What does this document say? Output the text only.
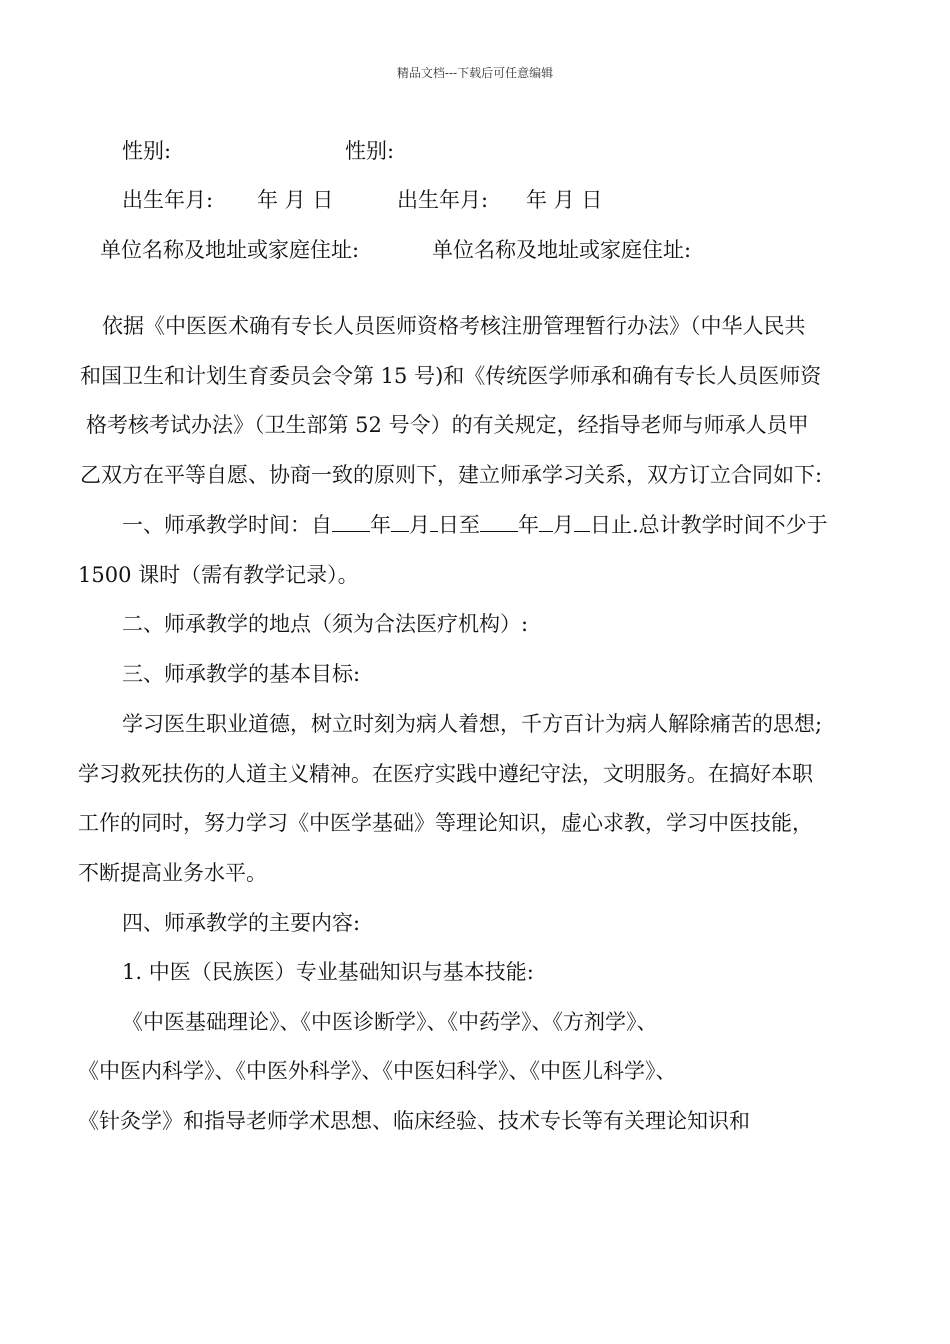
精品文档---下载后可任意编辑
性别:	性别:
出生年月: 年 月 日	出生年月: 年 月 日
单位名称及地址或家庭住址:	单位名称及地址或家庭住址:
依据《中医医术确有专长人员医师资格考核注册管理暂行办法》（中华人民共
和国卫生和计划生育委员会令第 15 号)和《传统医学师承和确有专长人员医师资
格考核考试办法》（卫生部第 52 号令）的有关规定，经指导老师与师承人员甲
乙双方在平等自愿、协商一致的原则下，建立师承学习关系，双方订立合同如下:
一、师承教学时间：自 年 月 日至 年 月 日止.总计教学时间不少于
1500 课时（需有教学记录）。
二、师承教学的地点（须为合法医疗机构）:
三、师承教学的基本目标:
学习医生职业道德，树立时刻为病人着想，千方百计为病人解除痛苦的思想;
学习救死扶伤的人道主义精神。在医疗实践中遵纪守法，文明服务。在搞好本职
工作的同时，努力学习《中医学基础》等理论知识，虚心求教，学习中医技能，
不断提高业务水平。
四、师承教学的主要内容:
1. 中医（民族医）专业基础知识与基本技能:
《中医基础理论》、《中医诊断学》、《中药学》、《方剂学》、
《中医内科学》、《中医外科学》、《中医妇科学》、《中医儿科学》、
《针灸学》和指导老师学术思想、临床经验、技术专长等有关理论知识和
